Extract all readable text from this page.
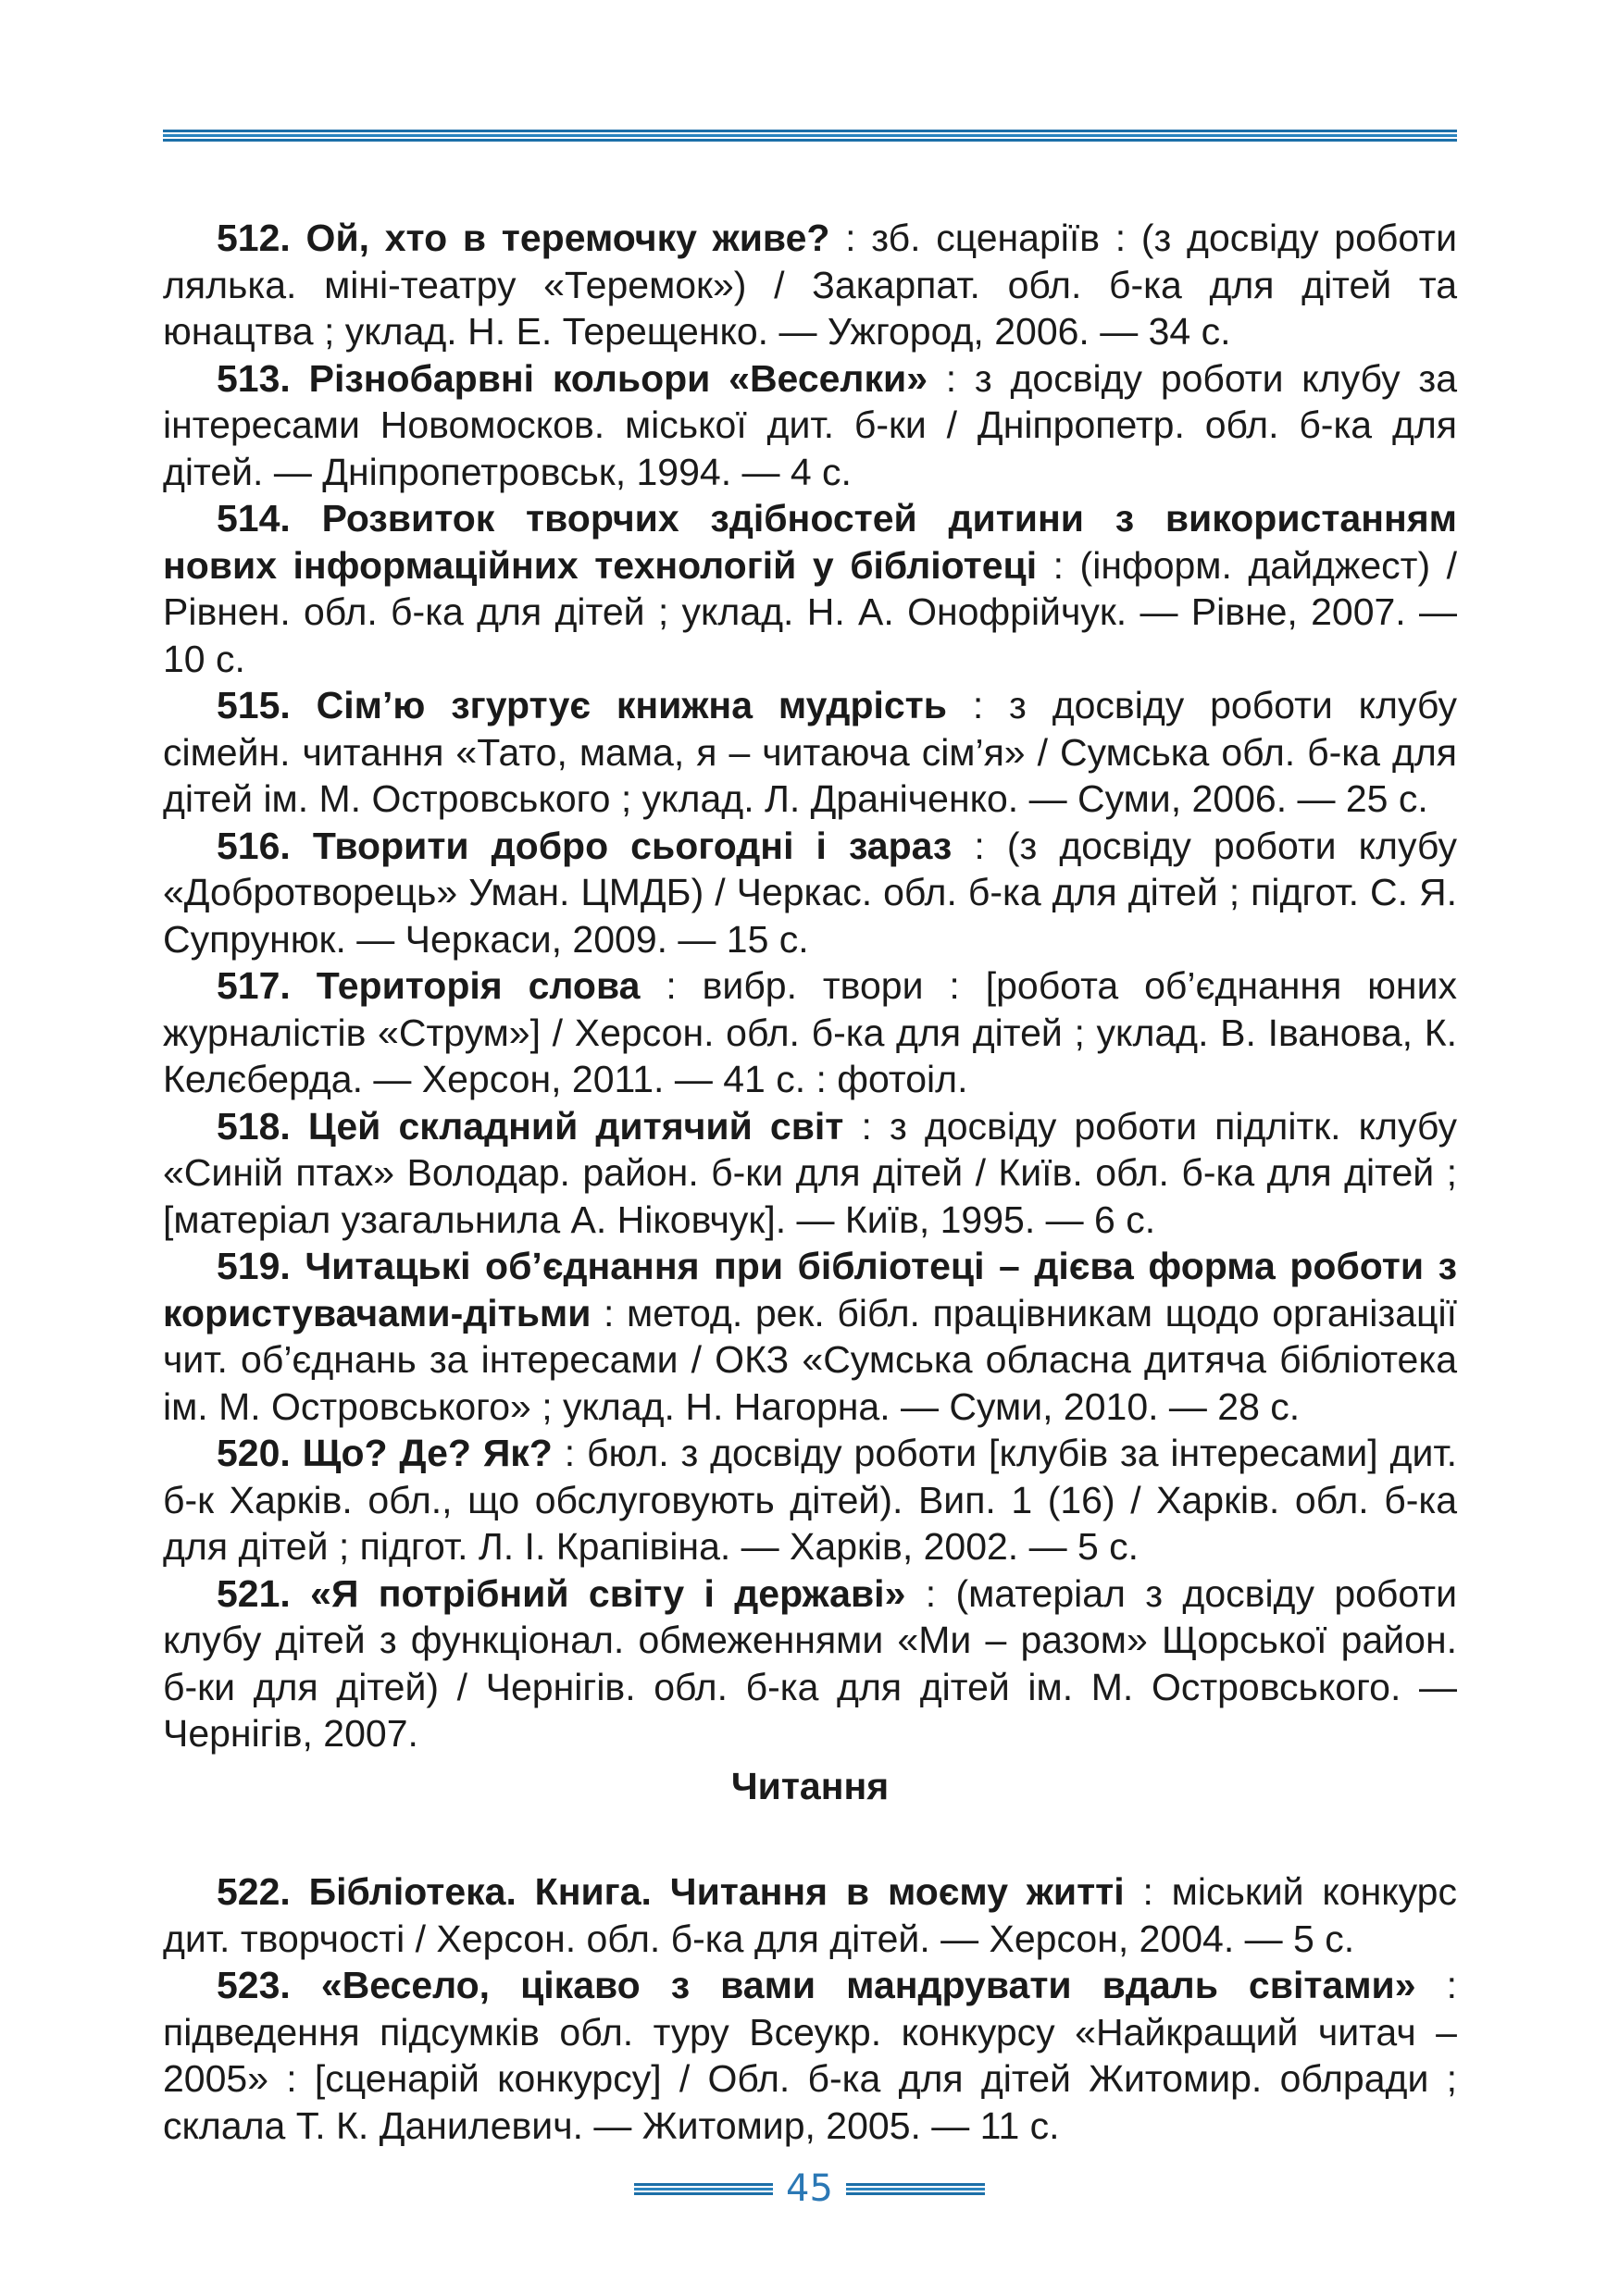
512. Ой, хто в теремочку живе? : зб. сценаріїв : (з досвіду роботи лялька. міні-театру «Теремок») / Закарпат. обл. б-ка для дітей та юнацтва ; уклад. Н. Е. Терещенко. — Ужгород, 2006. — 34 с.

513. Різнобарвні кольори «Веселки» : з досвіду роботи клубу за інтересами Новомосков. міської дит. б-ки / Дніпропетр. обл. б-ка для дітей. — Дніпропетровськ, 1994. — 4 с.

514. Розвиток творчих здібностей дитини з використанням нових інформаційних технологій у бібліотеці : (інформ. дайджест) / Рівнен. обл. б-ка для дітей ; уклад. Н. А. Онофрійчук. — Рівне, 2007. — 10 с.

515. Сім’ю згуртує книжна мудрість : з досвіду роботи клубу сімейн. читання «Тато, мама, я – читаюча сім’я» / Сумська обл. б-ка для дітей ім. М. Островського ; уклад. Л. Драніченко. — Суми, 2006. — 25 с.

516. Творити добро сьогодні і зараз : (з досвіду роботи клубу «Добротворець» Уман. ЦМДБ) / Черкас. обл. б-ка для дітей ; підгот. С. Я. Супрунюк. — Черкаси, 2009. — 15 с.

517. Територія слова : вибр. твори : [робота об’єднання юних журналістів «Струм»] / Херсон. обл. б-ка для дітей ; уклад. В. Іванова, К. Келєберда. — Херсон, 2011. — 41 с. : фотоіл.

518. Цей складний дитячий світ : з досвіду роботи підлітк. клубу «Синій птах» Володар. район. б-ки для дітей / Київ. обл. б-ка для дітей ; [матеріал узагальнила А. Ніковчук]. — Київ, 1995. — 6 с.

519. Читацькі об’єднання при бібліотеці – дієва форма роботи з користувачами-дітьми : метод. рек. бібл. працівникам щодо організації чит. об’єднань за інтересами / ОКЗ «Сумська обласна дитяча бібліотека ім. М. Островського» ; уклад. Н. Нагорна. — Суми, 2010. — 28 с.

520. Що? Де? Як? : бюл. з досвіду роботи [клубів за інтересами] дит. б-к Харків. обл., що обслуговують дітей). Вип. 1 (16) / Харків. обл. б-ка для дітей ; підгот. Л. І. Крапівіна. — Харків, 2002. — 5 с.

521. «Я потрібний світу і державі» : (матеріал з досвіду роботи клубу дітей з функціонал. обмеженнями «Ми – разом» Щорської район. б-ки для дітей) / Чернігів. обл. б-ка для дітей ім. М. Островського. — Чернігів, 2007.

Читання

522. Бібліотека. Книга. Читання в моєму житті : міський конкурс дит. творчості / Херсон. обл. б-ка для дітей. — Херсон, 2004. — 5 с.

523. «Весело, цікаво з вами мандрувати вдаль світами» : підведення підсумків обл. туру Всеукр. конкурсу «Найкращий читач – 2005» : [сценарій конкурсу] / Обл. б-ка для дітей Житомир. облради ; склала Т. К. Данилевич. — Житомир, 2005. — 11 с.

45
